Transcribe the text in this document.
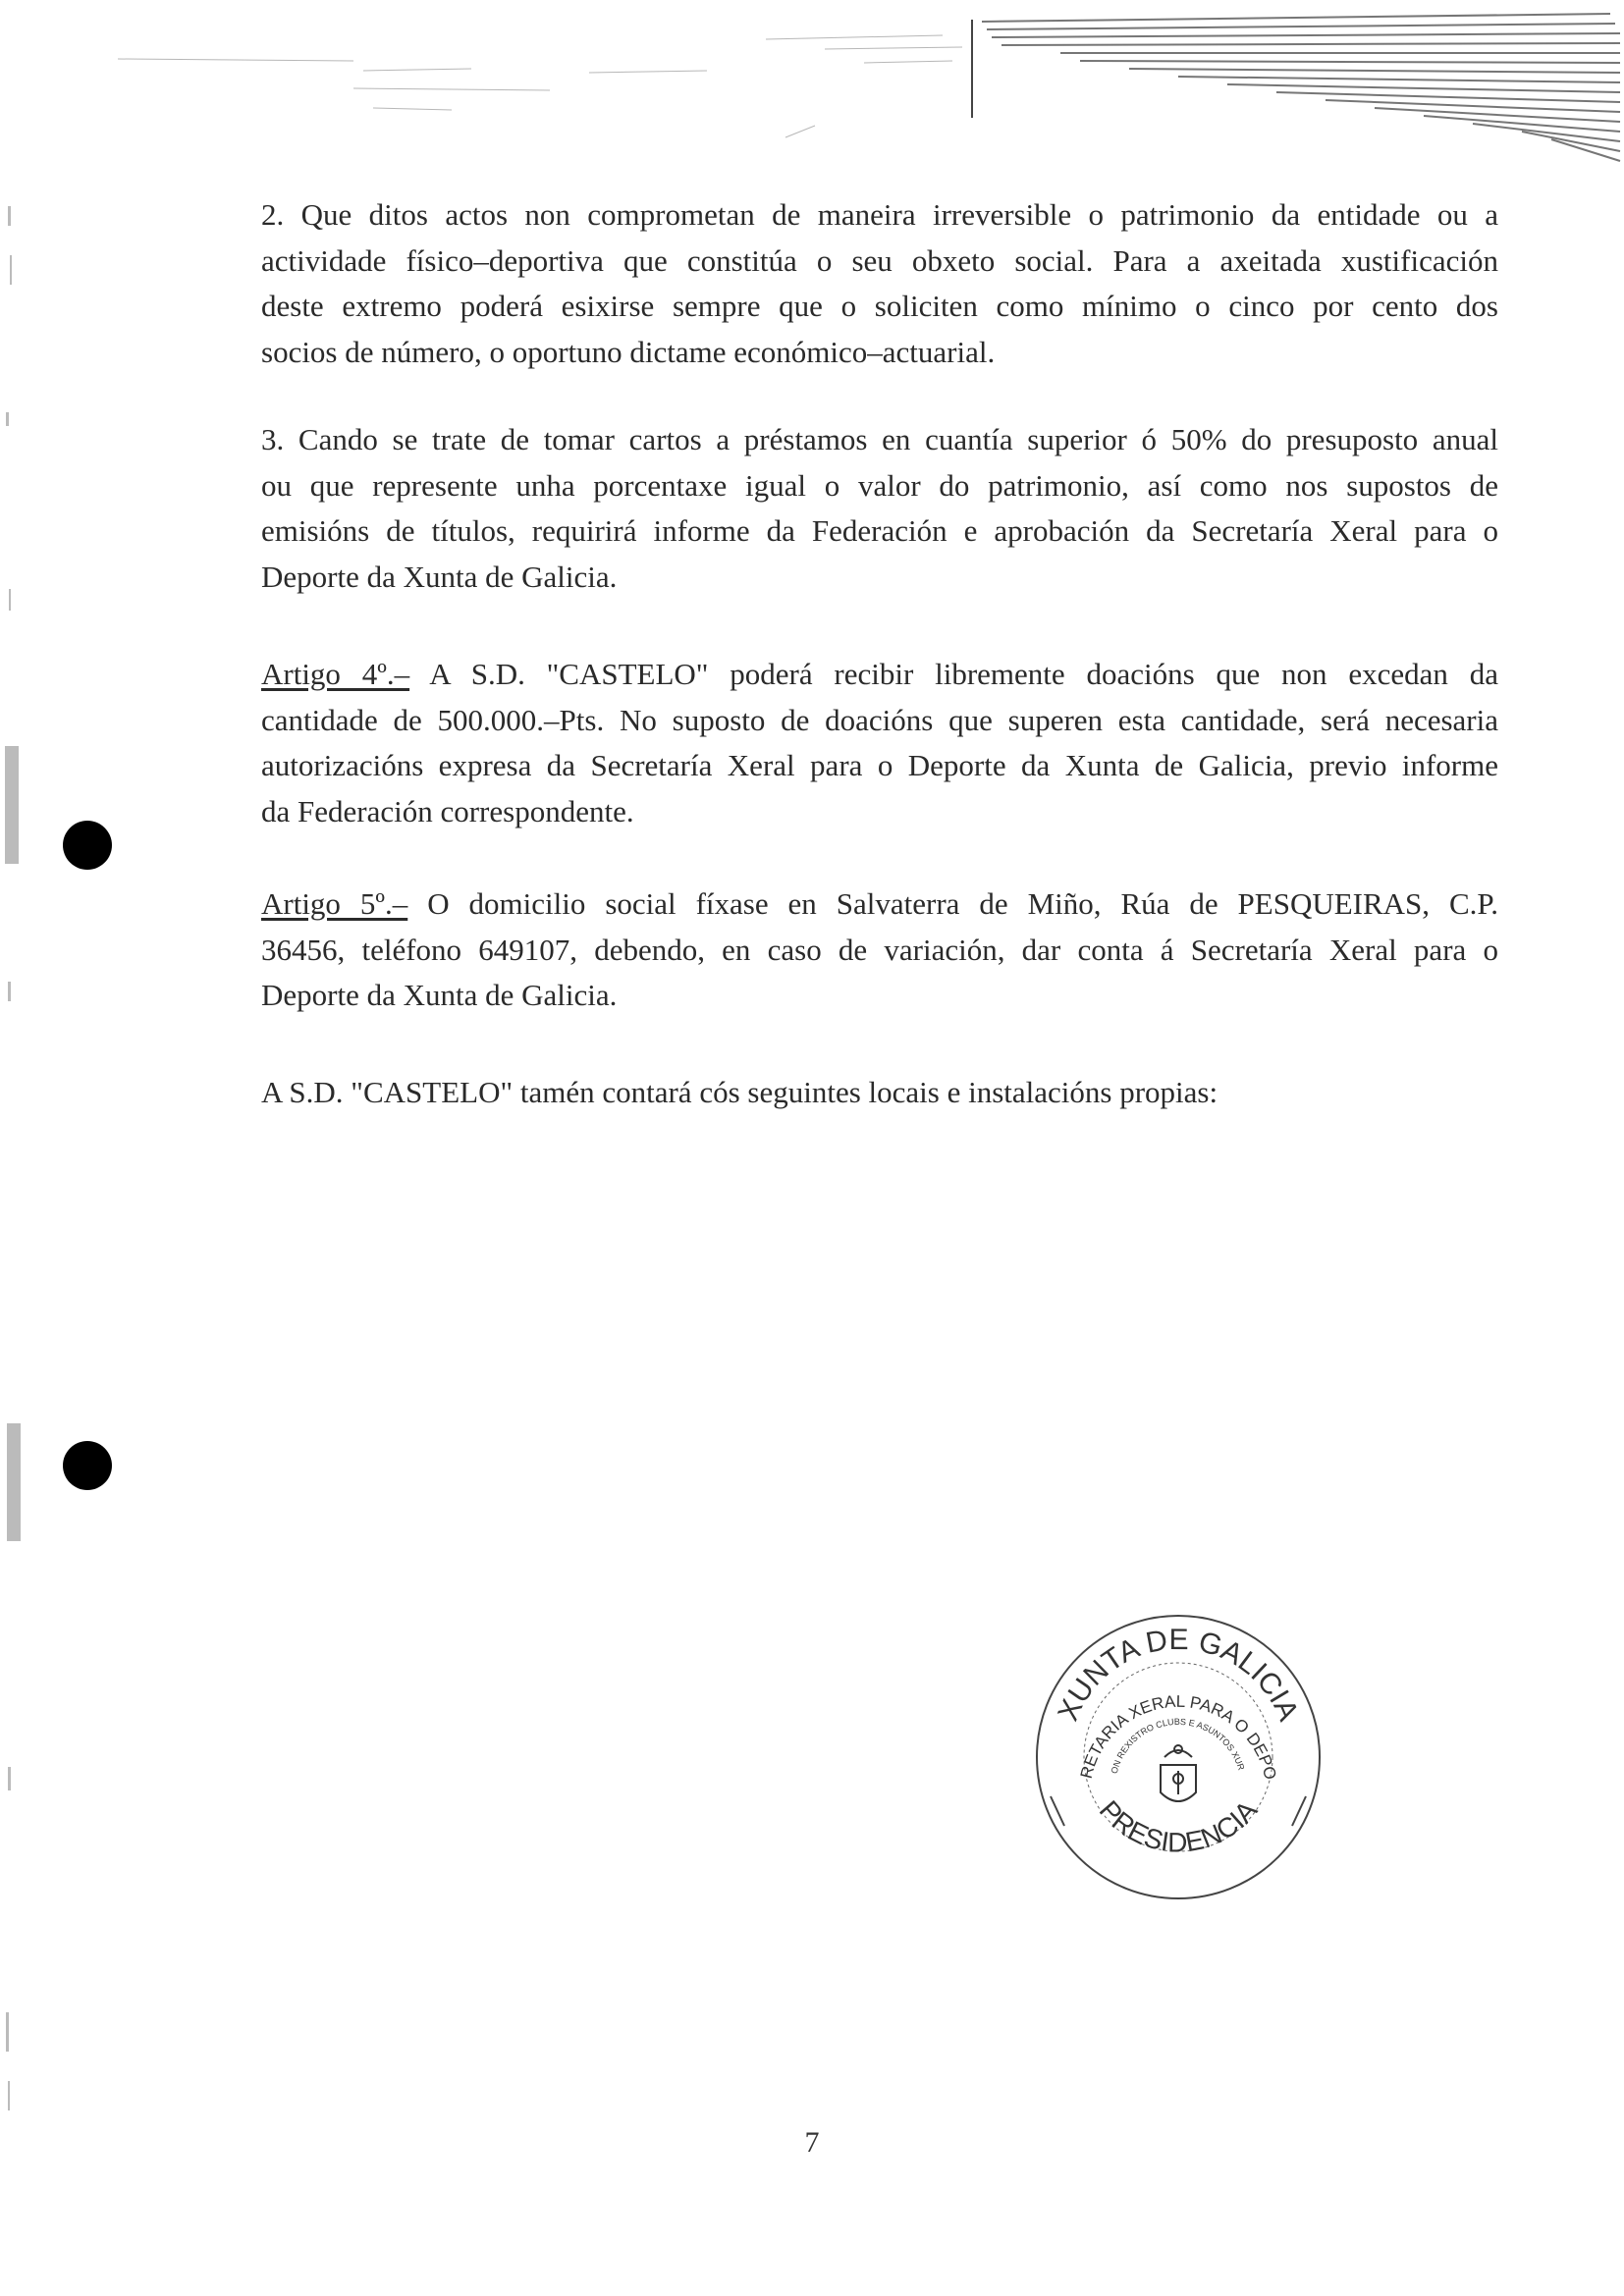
2. Que ditos actos non comprometan de maneira irreversible o patrimonio da entidade ou a
actividade físico–deportiva que constitúa o seu obxeto social. Para a axeitada xustificación
deste extremo poderá esixirse sempre que o soliciten como mínimo o cinco por cento dos
socios de número, o oportuno dictame económico–actuarial.

3. Cando se trate de tomar cartos a préstamos en cuantía superior ó 50% do presuposto anual
ou que represente unha porcentaxe igual o valor do patrimonio, así como nos supostos de
emisións de títulos, requirirá informe da Federación e aprobación da Secretaría Xeral para o
Deporte da Xunta de Galicia.

Artigo 4º.– A S.D. "CASTELO" poderá recibir libremente doacións que non excedan da
cantidade de 500.000.–Pts. No suposto de doacións que superen esta cantidade, será necesaria
autorizacións expresa da Secretaría Xeral para o Deporte da Xunta de Galicia, previo informe
da Federación correspondente.

Artigo 5º.– O domicilio social fíxase en Salvaterra de Miño, Rúa de PESQUEIRAS, C.P.
36456, teléfono 649107, debendo, en caso de variación, dar conta á Secretaría Xeral para o
Deporte da Xunta de Galicia.

A S.D. "CASTELO" tamén contará cós seguintes locais e instalacións propias:

XUNTA DE GALICIA
RETARIA XERAL PARA O DEPO
ON REXISTRO CLUBS E ASUNTOS XUR
PRESIDENCIA
7
